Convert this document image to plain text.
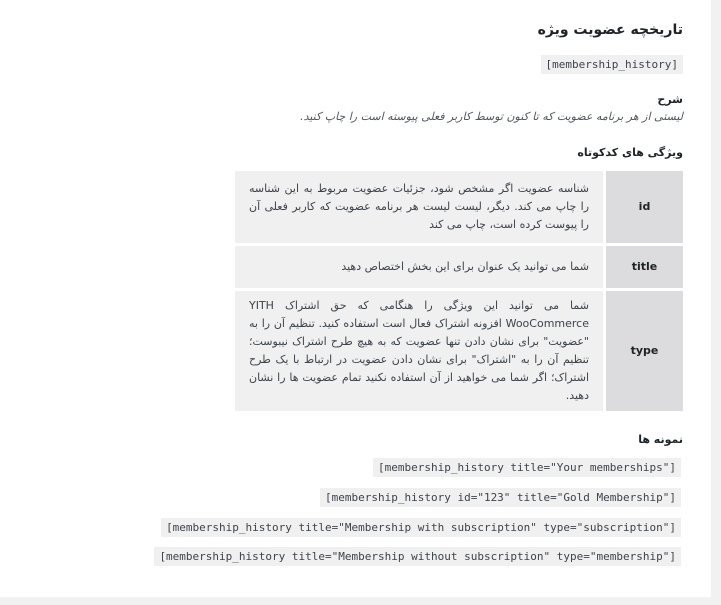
تاریخچه عضویت ویژه
[membership_history]
شرح
لیستی از هر برنامه عضویت که تا کنون توسط کاربر فعلی پیوسته است را چاپ کنید.
ویژگی های کدکوتاه
id	شناسه عضویت اگر مشخص شود، جزئیات عضویت مربوط به این شناسه را چاپ می کند. دیگر، لیست لیست هر برنامه عضویت که کاربر فعلی آن را پیوست کرده است، چاپ می کند
title	شما می توانید یک عنوان برای این بخش اختصاص دهید
type	شما می توانید این ویژگی را هنگامی که حق اشتراک YITH WooCommerce افزونه اشتراک فعال است استفاده کنید. تنظیم آن را به "عضویت" برای نشان دادن تنها عضویت که به هیچ طرح اشتراک نیبوست؛ تنظیم آن را به "اشتراک" برای نشان دادن عضویت در ارتباط با یک طرح اشتراک؛ اگر شما می خواهید از آن استفاده نکنید تمام عضویت ها را نشان دهید.
نمونه ها
[membership_history title="Your memberships"]
[membership_history id="123" title="Gold Membership"]
[membership_history title="Membership with subscription" type="subscription"]
[membership_history title="Membership without subscription" type="membership"]
